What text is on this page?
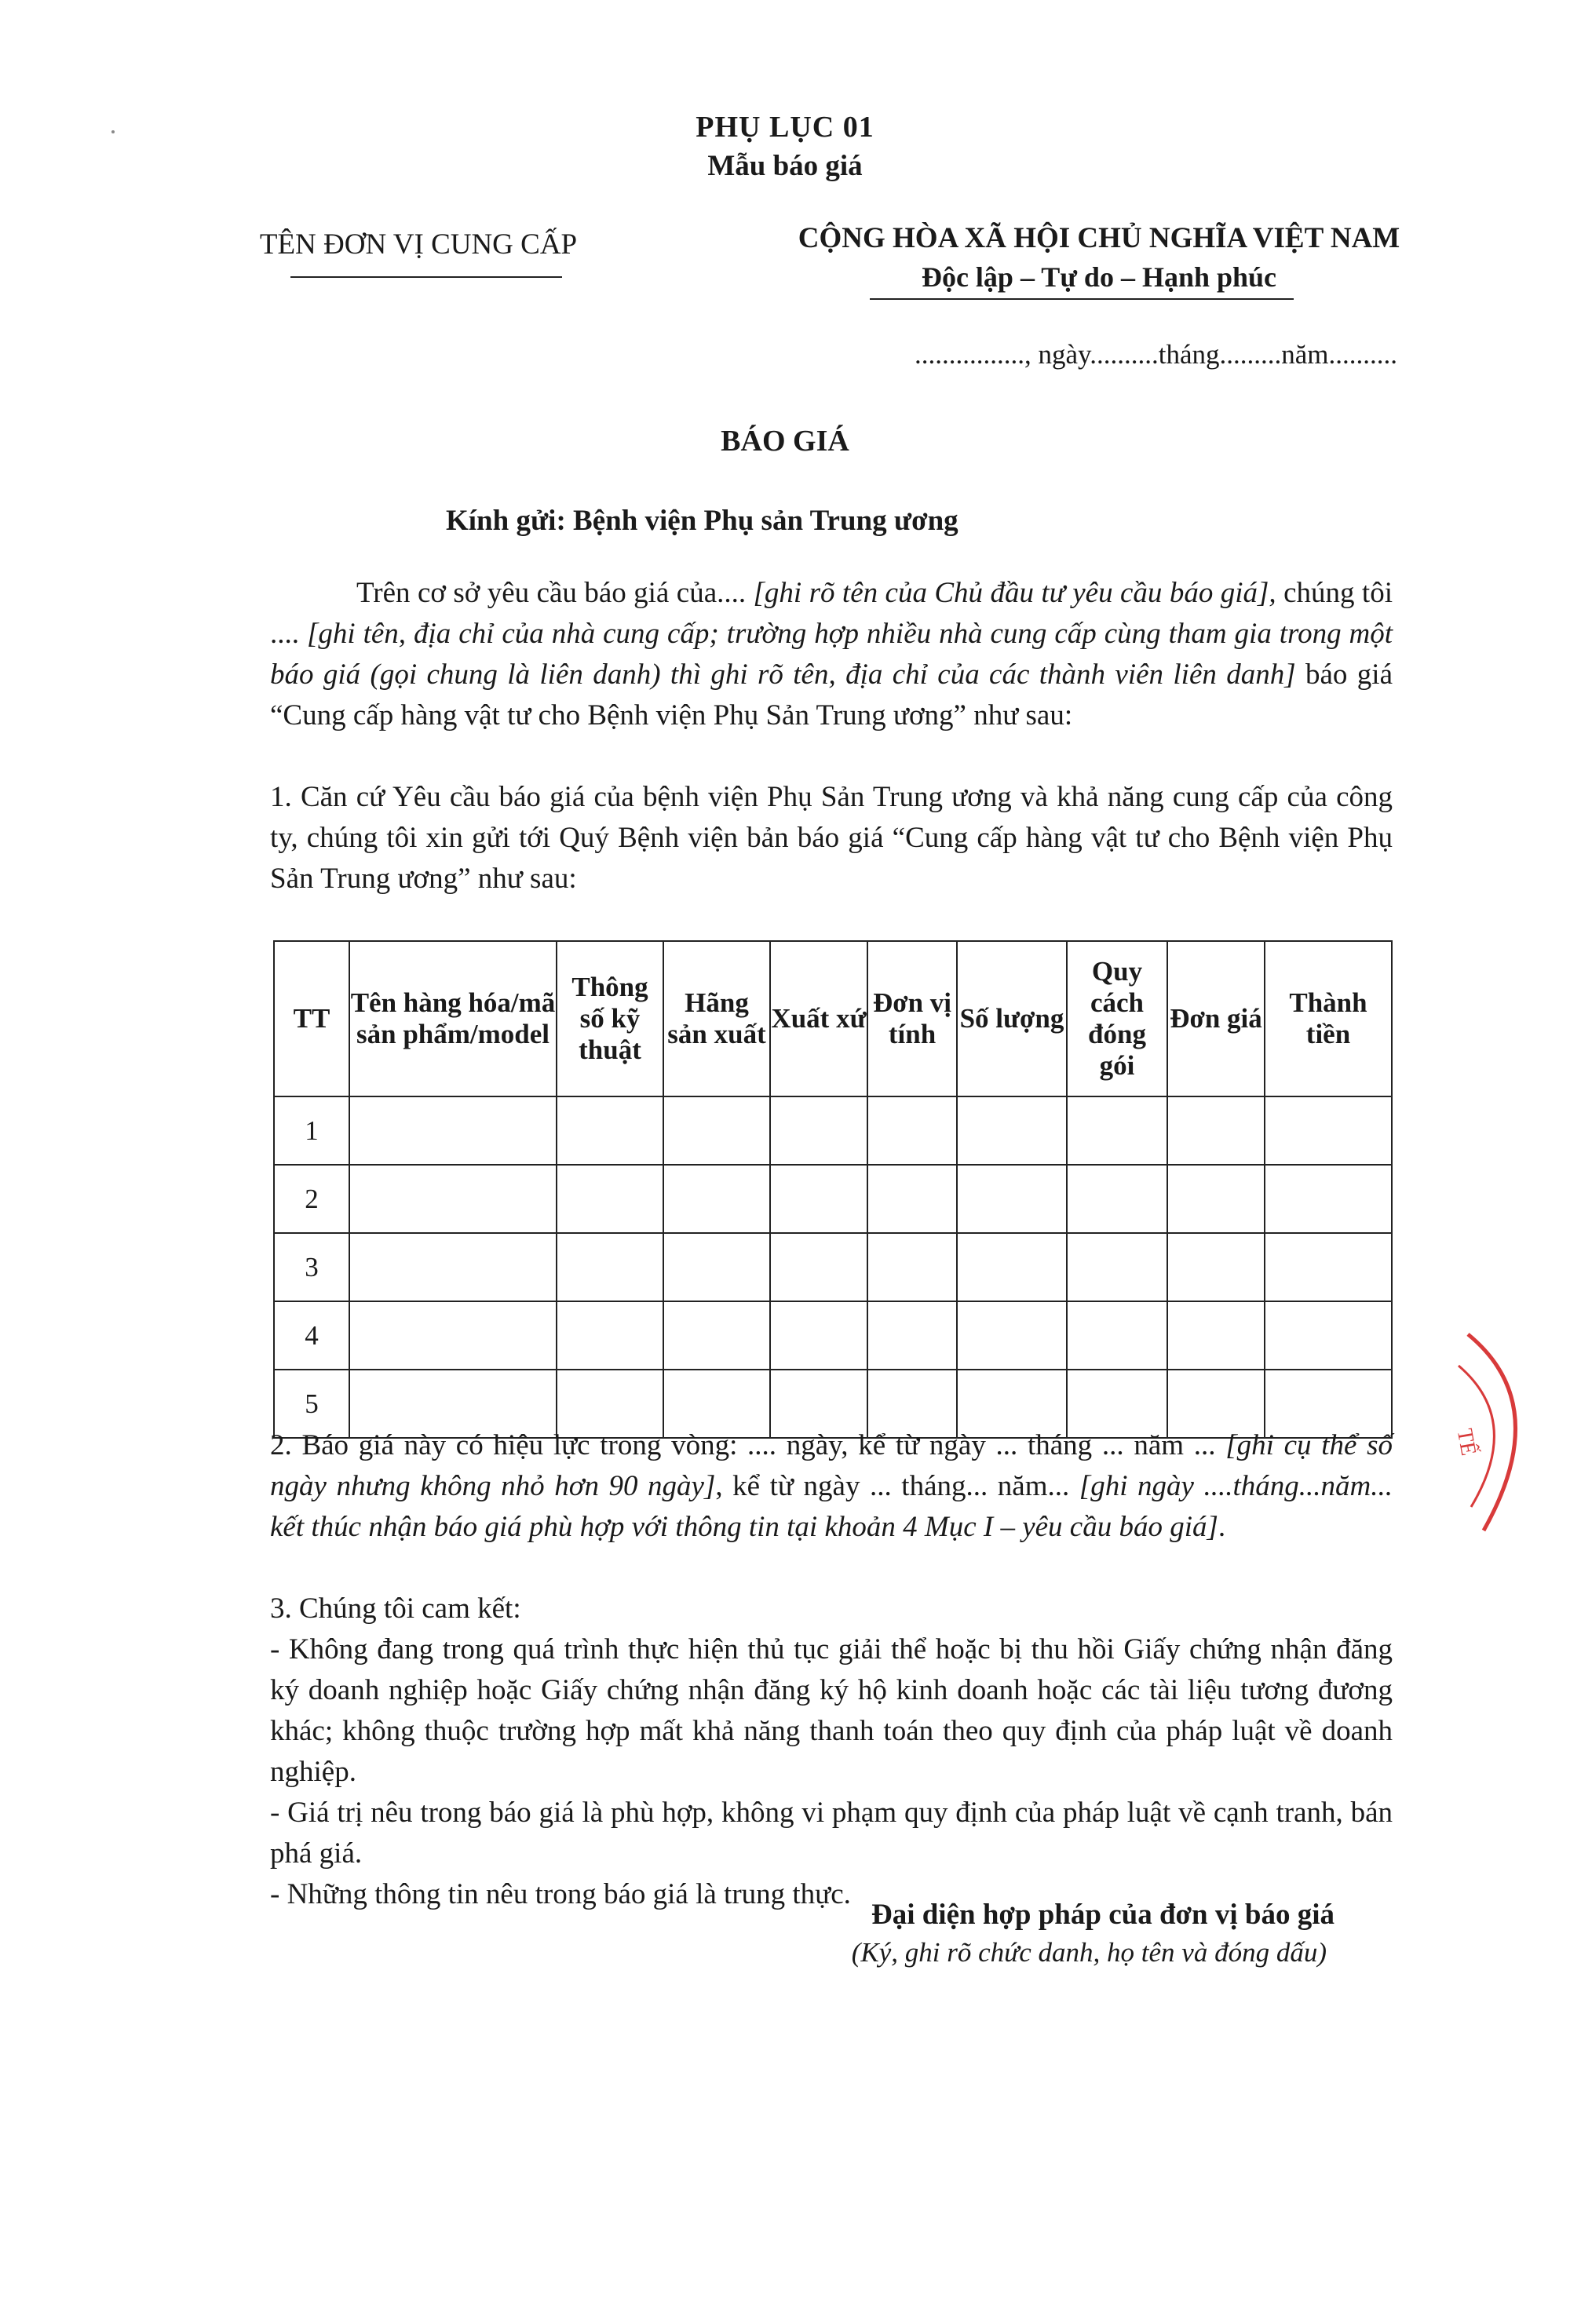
PHỤ LỤC 01
Mẫu báo giá
TÊN ĐƠN VỊ CUNG CẤP	CỘNG HÒA XÃ HỘI CHỦ NGHĨA VIỆT NAM
Độc lập – Tự do – Hạnh phúc
................, ngày..........tháng.........năm..........
BÁO GIÁ
Kính gửi: Bệnh viện Phụ sản Trung ương
Trên cơ sở yêu cầu báo giá của.... [ghi rõ tên của Chủ đầu tư yêu cầu báo giá], chúng tôi .... [ghi tên, địa chỉ của nhà cung cấp; trường hợp nhiều nhà cung cấp cùng tham gia trong một báo giá (gọi chung là liên danh) thì ghi rõ tên, địa chỉ của các thành viên liên danh] báo giá “Cung cấp hàng vật tư cho Bệnh viện Phụ Sản Trung ương” như sau:
1. Căn cứ Yêu cầu báo giá của bệnh viện Phụ Sản Trung ương và khả năng cung cấp của công ty, chúng tôi xin gửi tới Quý Bệnh viện bản báo giá “Cung cấp hàng vật tư cho Bệnh viện Phụ Sản Trung ương” như sau:
TT	Tên hàng hóa/mã sản phẩm/model	Thông số kỹ thuật	Hãng sản xuất	Xuất xứ	Đơn vị tính	Số lượng	Quy cách đóng gói	Đơn giá	Thành tiền
1									
2									
3									
4									
5									
2. Báo giá này có hiệu lực trong vòng: .... ngày, kể từ ngày ... tháng ... năm ... [ghi cụ thể số ngày nhưng không nhỏ hơn 90 ngày], kể từ ngày ... tháng... năm... [ghi ngày ....tháng...năm... kết thúc nhận báo giá phù hợp với thông tin tại khoản 4 Mục I – yêu cầu báo giá].
3. Chúng tôi cam kết:
- Không đang trong quá trình thực hiện thủ tục giải thể hoặc bị thu hồi Giấy chứng nhận đăng ký doanh nghiệp hoặc Giấy chứng nhận đăng ký hộ kinh doanh hoặc các tài liệu tương đương khác; không thuộc trường hợp mất khả năng thanh toán theo quy định của pháp luật về doanh nghiệp.
- Giá trị nêu trong báo giá là phù hợp, không vi phạm quy định của pháp luật về cạnh tranh, bán phá giá.
- Những thông tin nêu trong báo giá là trung thực.
Đại diện hợp pháp của đơn vị báo giá
(Ký, ghi rõ chức danh, họ tên và đóng dấu)
TẾ
